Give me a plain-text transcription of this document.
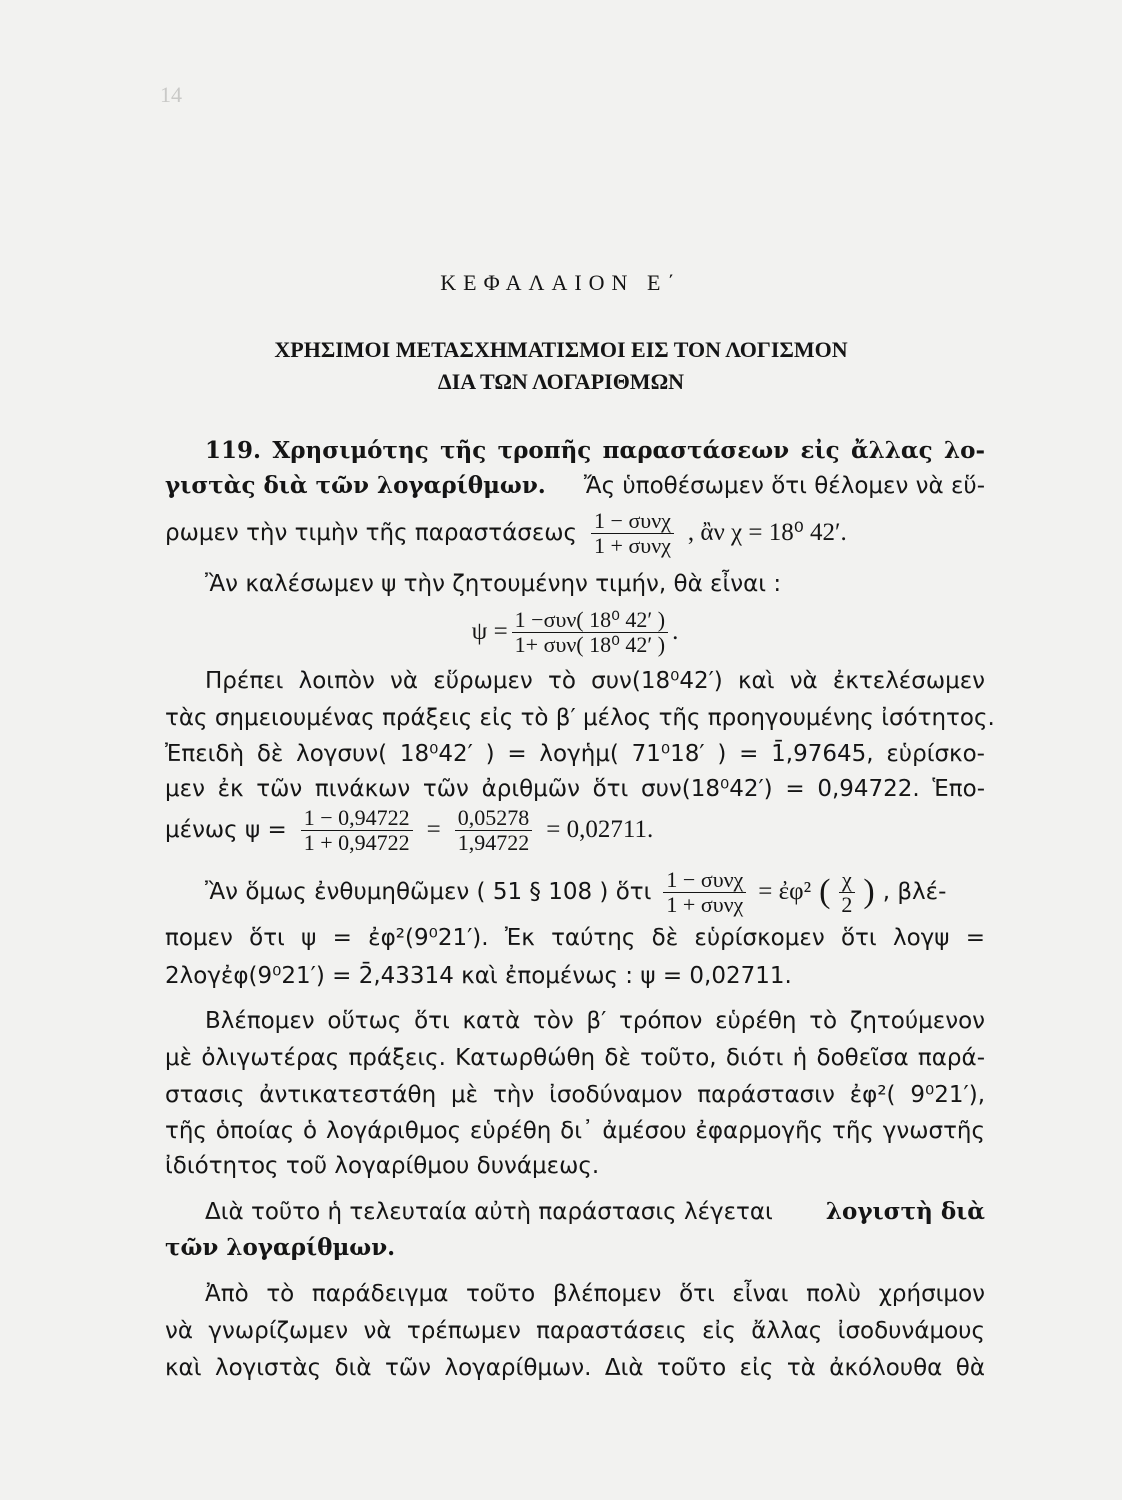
14
ΚΕΦΑΛΑΙΟΝ Ε΄
ΧΡΗΣΙΜΟΙ ΜΕΤΑΣΧΗΜΑΤΙΣΜΟΙ ΕΙΣ ΤΟΝ ΛΟΓΙΣΜΟΝ
ΔΙΑ ΤΩΝ ΛΟΓΑΡΙΘΜΩΝ
119. Χρησιμότης τῆς τροπῆς παραστάσεων εἰς ἄλλας λο-
γιστὰς διὰ τῶν λογαρίθμων. Ἄς ὑποθέσωμεν ὅτι θέλομεν νὰ εὕ-
ρωμεν τὴν τιμὴν τῆς παραστάσεως $\frac{\text{1 − συνχ}}{\text{1 + συνχ}}$ , ἂν χ = 18⁰ 42′.
Ἂν καλέσωμεν ψ τὴν ζητουμένην τιμήν, θὰ εἶναι :
$\psi = \frac{\text{1 −συν( 18⁰ 42′ )}}{\text{1+ συν( 18⁰ 42′ )}}$ .
Πρέπει λοιπὸν νὰ εὕρωμεν τὸ συν(18⁰42′) καὶ νὰ ἐκτελέσωμεν
τὰς σημειουμένας πράξεις εἰς τὸ β′ μέλος τῆς προηγουμένης ἰσότητος.
Ἐπειδὴ δὲ λογσυν( 18⁰42′ ) = λογἡμ( 71⁰18′ ) = 1̄,97645, εὑρίσκο-
μεν ἐκ τῶν πινάκων τῶν ἀριθμῶν ὅτι συν(18⁰42′) = 0,94722. Ἑπο-
μένως $\psi = \frac{1 - 0,94722}{1 + 0,94722} = \frac{0,05278}{1,94722} = 0,02711$.
Ἂν ὅμως ἐνθυμηθῶμεν ( 51 § 108 ) ὅτι $\frac{\text{1 − συνχ}}{\text{1 + συνχ}}$ = ἐφ² ( $\frac{\chi}{2}$ ) , βλέ-
πομεν ὅτι ψ = ἐφ²(9⁰21′). Ἐκ ταύτης δὲ εὑρίσκομεν ὅτι λογψ =
2λογἐφ(9⁰21′) = 2̄,43314 καὶ ἐπομένως : ψ = 0,02711.
Βλέπομεν οὕτως ὅτι κατὰ τὸν β′ τρόπον εὑρέθη τὸ ζητούμενον
μὲ ὀλιγωτέρας πράξεις. Κατωρθώθη δὲ τοῦτο, διότι ἡ δοθεῖσα παρά-
στασις ἀντικατεστάθη μὲ τὴν ἰσοδύναμον παράστασιν ἐφ²( 9⁰21′),
τῆς ὁποίας ὁ λογάριθμος εὑρέθη δι᾽ ἀμέσου ἐφαρμογῆς τῆς γνωστῆς
ἰδιότητος τοῦ λογαρίθμου δυνάμεως.
Διὰ τοῦτο ἡ τελευταία αὐτὴ παράστασις λέγεται λογιστὴ διὰ
τῶν λογαρίθμων.
Ἀπὸ τὸ παράδειγμα τοῦτο βλέπομεν ὅτι εἶναι πολὺ χρήσιμον
νὰ γνωρίζωμεν νὰ τρέπωμεν παραστάσεις εἰς ἄλλας ἰσοδυνάμους
καὶ λογιστὰς διὰ τῶν λογαρίθμων. Διὰ τοῦτο εἰς τὰ ἀκόλουθα θὰ
